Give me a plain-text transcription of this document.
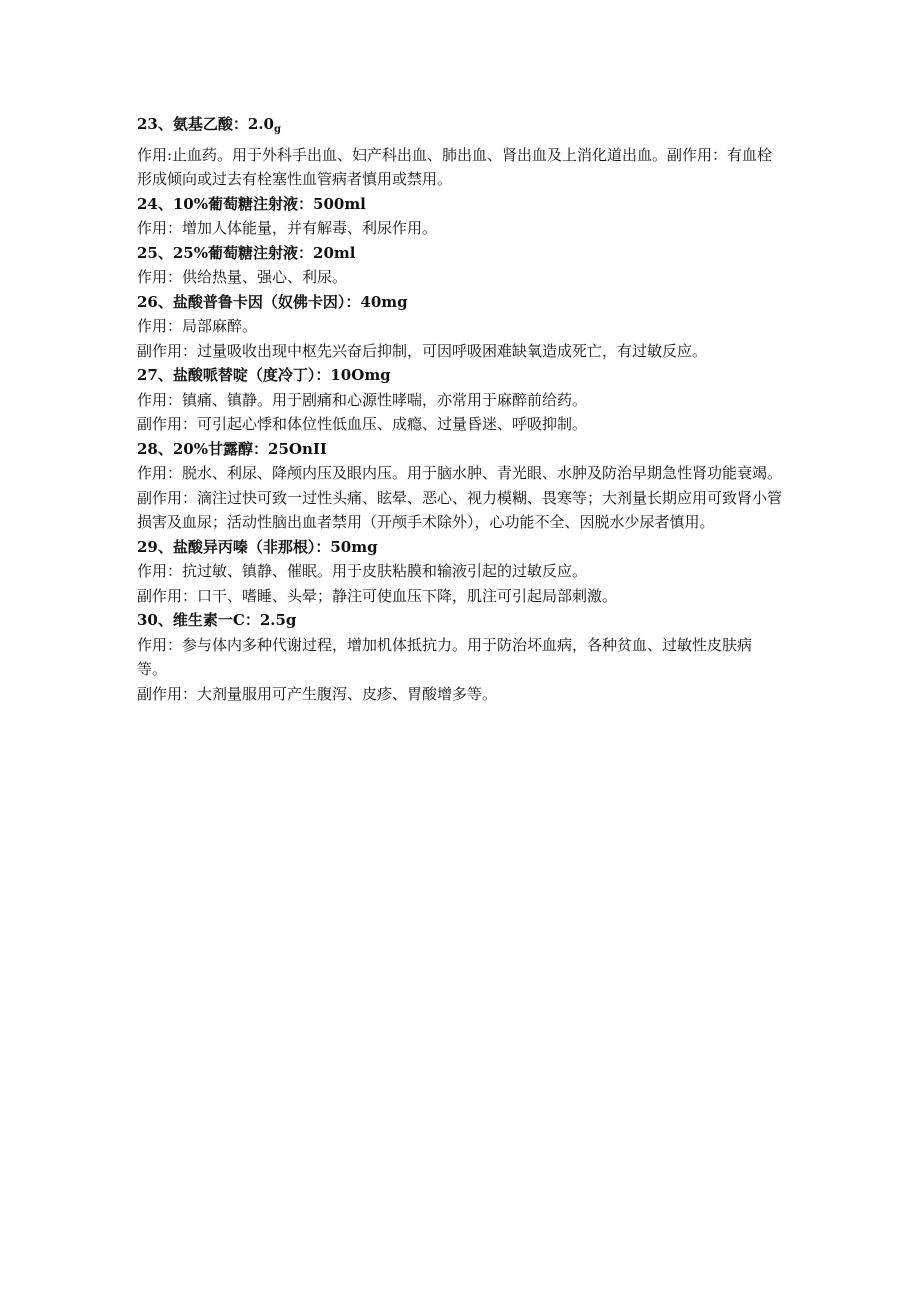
23、氨基乙酸：$2.0_g$

作用:止血药。用于外科手出血、妇产科出血、肺出血、肾出血及上消化道出血。副作用：有血栓形成倾向或过去有栓塞性血管病者慎用或禁用。

24、10%葡萄糖注射液：500ml

作用：增加人体能量，并有解毒、利尿作用。

25、25%葡萄糖注射液：20ml

作用：供给热量、强心、利尿。

26、盐酸普鲁卡因（奴佛卡因）：40mg

作用：局部麻醉。

副作用：过量吸收出现中枢先兴奋后抑制，可因呼吸困难缺氧造成死亡，有过敏反应。

27、盐酸哌替啶（度冷丁）：10Omg

作用：镇痛、镇静。用于剧痛和心源性哮喘，亦常用于麻醉前给药。

副作用：可引起心悸和体位性低血压、成瘾、过量昏迷、呼吸抑制。

28、20%甘露醇：25OnII

作用：脱水、利尿、降颅内压及眼内压。用于脑水肿、青光眼、水肿及防治早期急性肾功能衰竭。

副作用：滴注过快可致一过性头痛、眩晕、恶心、视力模糊、畏寒等；大剂量长期应用可致肾小管损害及血尿；活动性脑出血者禁用（开颅手术除外），心功能不全、因脱水少尿者慎用。

29、盐酸异丙嗪（非那根）：50mg

作用：抗过敏、镇静、催眠。用于皮肤粘膜和输液引起的过敏反应。

副作用：口干、嗜睡、头晕；静注可使血压下降，肌注可引起局部刺激。

30、维生素一C：2.5g

作用：参与体内多种代谢过程，增加机体抵抗力。用于防治坏血病，各种贫血、过敏性皮肤病等。

副作用：大剂量服用可产生腹泻、皮疹、胃酸增多等。
